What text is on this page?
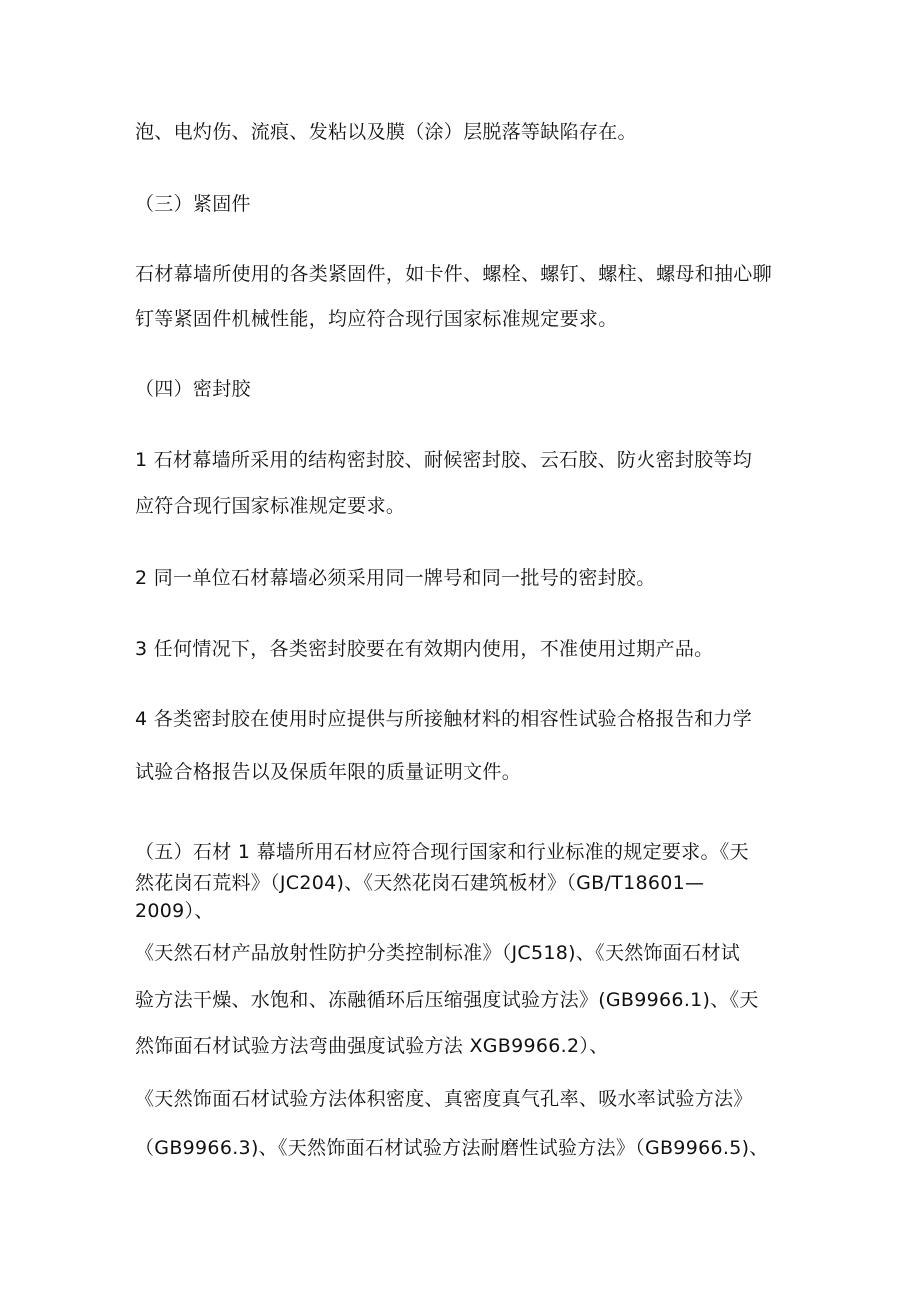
泡、电灼伤、流痕、发粘以及膜（涂）层脱落等缺陷存在。
（三）紧固件
石材幕墙所使用的各类紧固件，如卡件、螺栓、螺钉、螺柱、螺母和抽心聊
钉等紧固件机械性能，均应符合现行国家标准规定要求。
（四）密封胶
1 石材幕墙所采用的结构密封胶、耐候密封胶、云石胶、防火密封胶等均
应符合现行国家标准规定要求。
2 同一单位石材幕墙必须采用同一牌号和同一批号的密封胶。
3 任何情况下，各类密封胶要在有效期内使用，不准使用过期产品。
4 各类密封胶在使用时应提供与所接触材料的相容性试验合格报告和力学
试验合格报告以及保质年限的质量证明文件。
（五）石材 1 幕墙所用石材应符合现行国家和行业标准的规定要求。《天
然花岗石荒料》（JC204)、《天然花岗石建筑板材》（GB/T18601—
2009）、
《天然石材产品放射性防护分类控制标准》（JC518)、《天然饰面石材试
验方法干燥、水饱和、冻融循环后压缩强度试验方法》(GB9966.1)、《天
然饰面石材试验方法弯曲强度试验方法 XGB9966.2）、
《天然饰面石材试验方法体积密度、真密度真气孔率、吸水率试验方法》
（GB9966.3)、《天然饰面石材试验方法耐磨性试验方法》（GB9966.5)、
